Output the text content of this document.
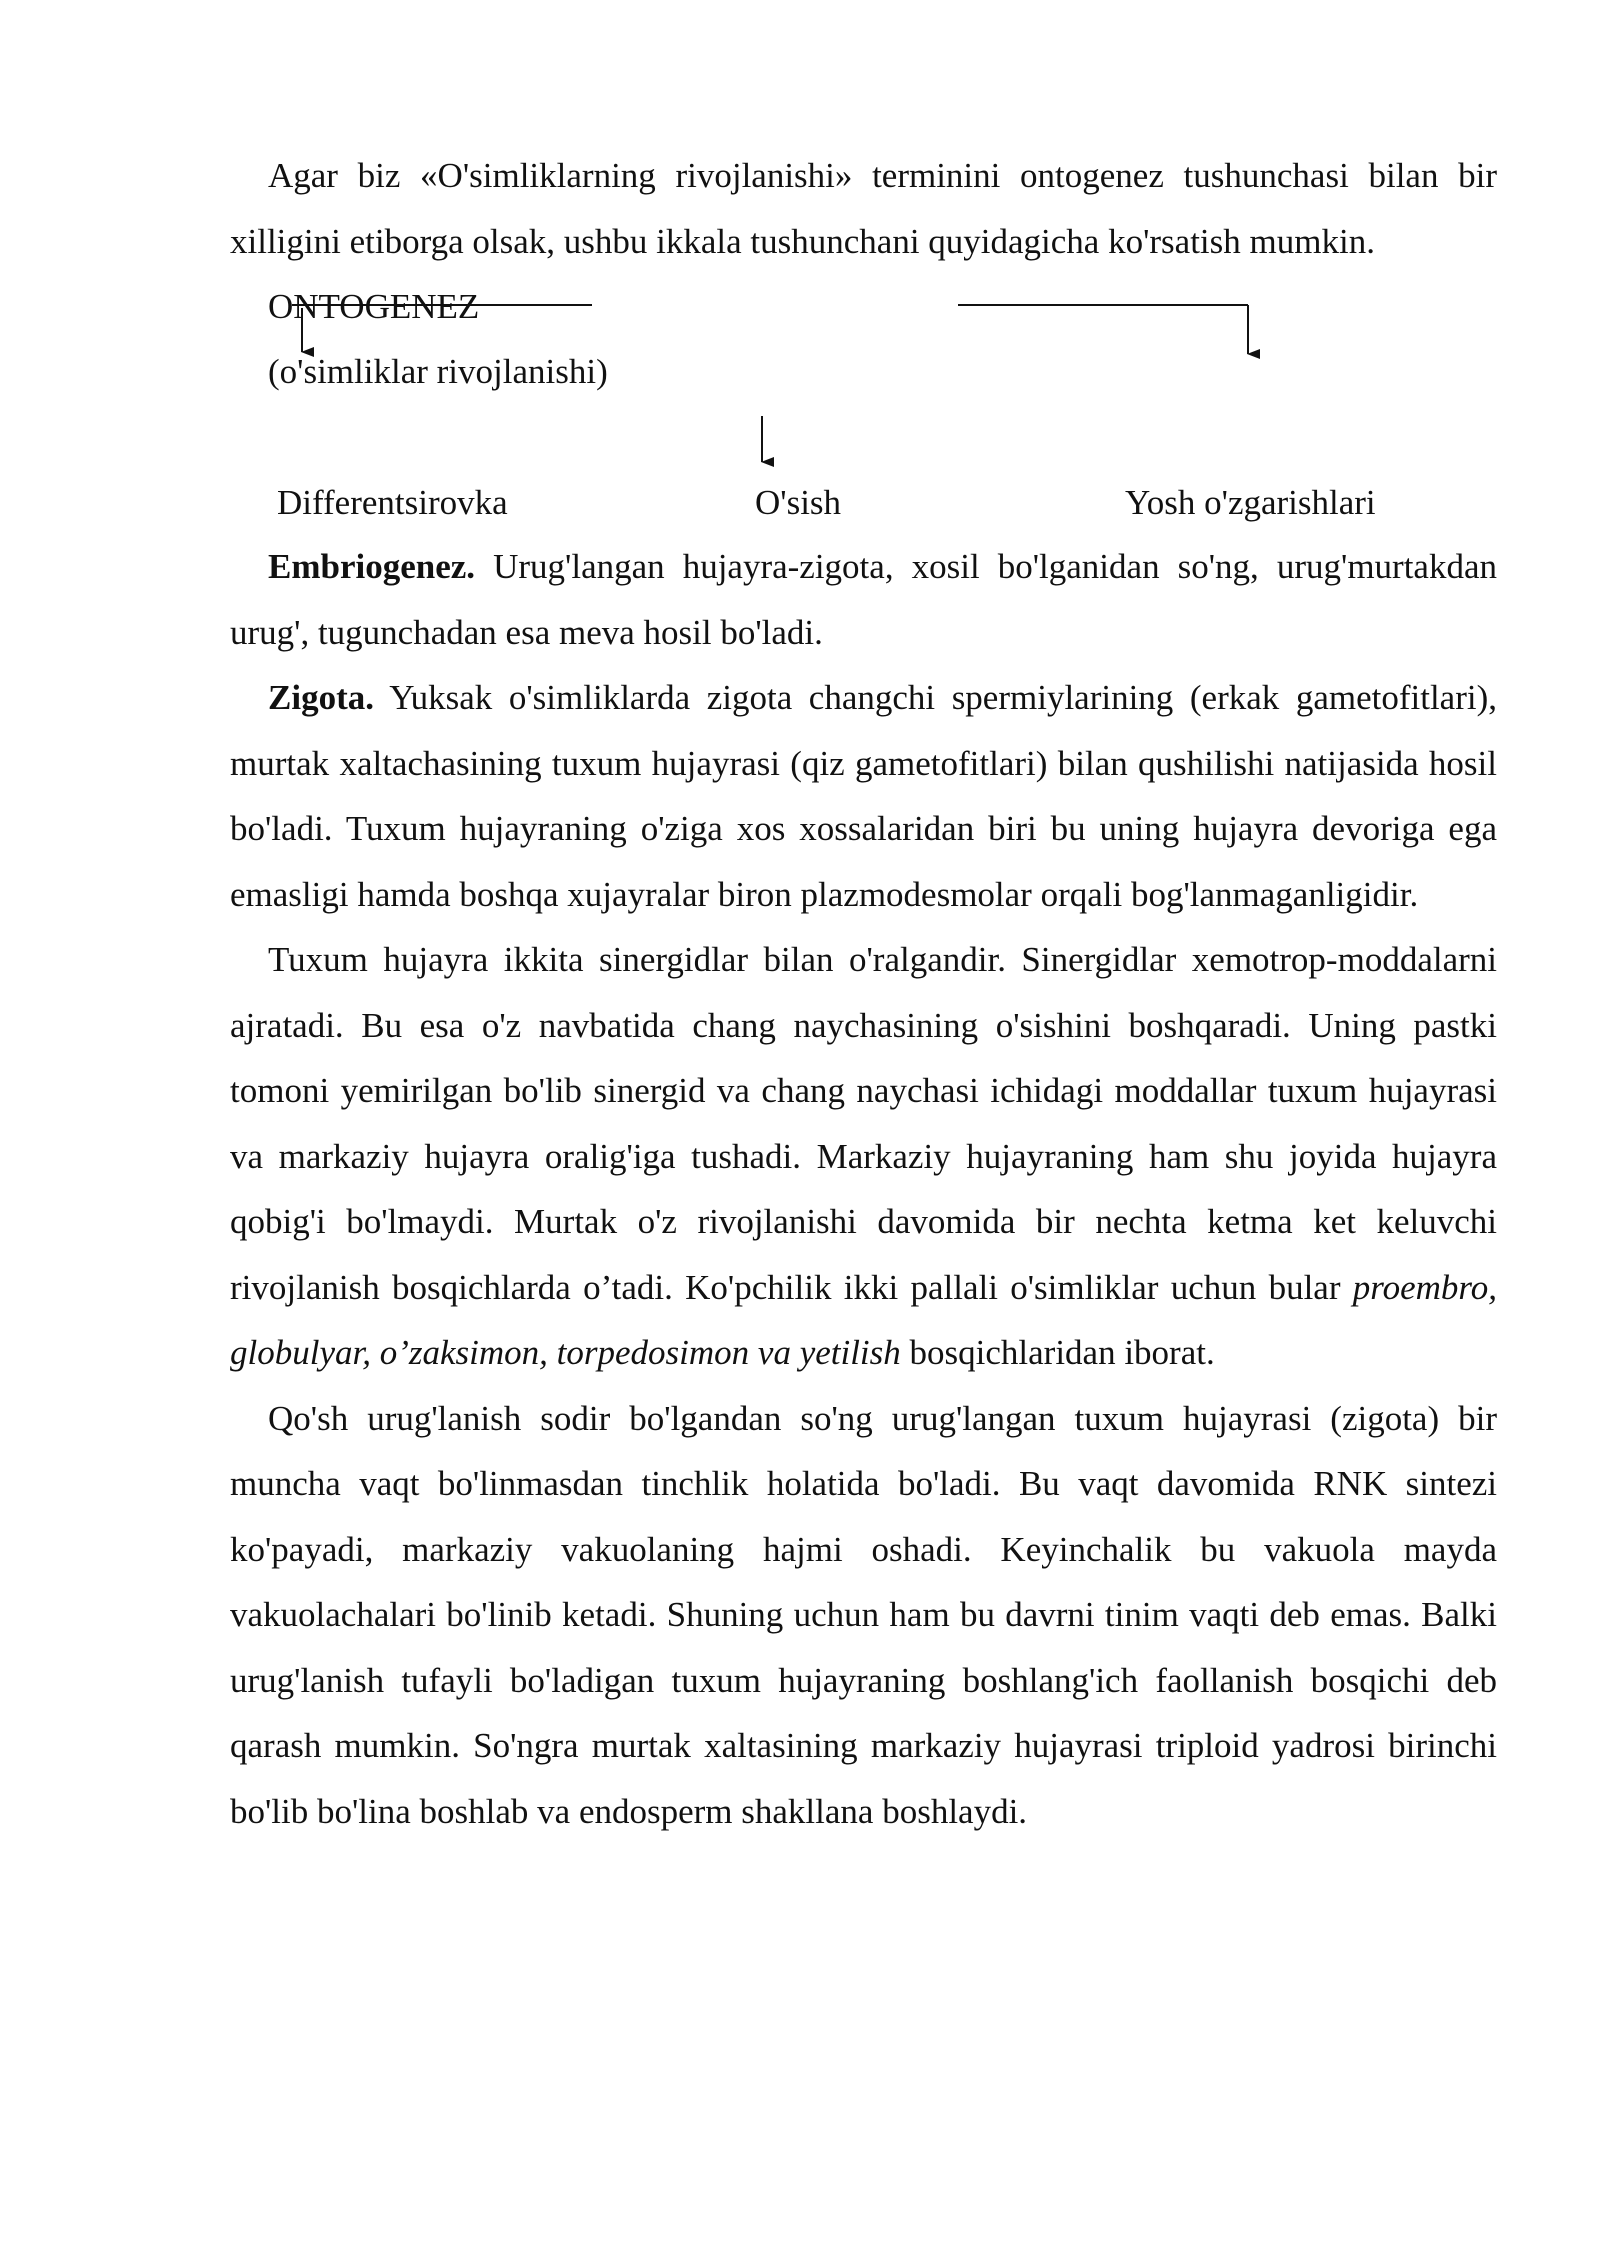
Agar biz «O'simliklarning rivojlanishi» terminini ontogenez tushunchasi bilan bir xilligini etiborga olsak, ushbu ikkala tushunchani quyidagicha ko'rsatish mumkin.

ONTOGENEZ
(o'simliklar rivojlanishi)
Differentsirovka	O'sish	Yosh o'zgarishlari

Embriogenez. Urug'langan hujayra-zigota, xosil bo'lganidan so'ng, urug'murtakdan urug', tugunchadan esa meva hosil bo'ladi.

Zigota. Yuksak o'simliklarda zigota changchi spermiylarining (erkak gametofitlari), murtak xaltachasining tuxum hujayrasi (qiz gametofitlari) bilan qushilishi natijasida hosil bo'ladi. Tuxum hujayraning o'ziga xos xossalaridan biri bu uning hujayra devoriga ega emasligi hamda boshqa xujayralar biron plazmodesmolar orqali bog'lanmaganligidir.

Tuxum hujayra ikkita sinergidlar bilan o'ralgandir. Sinergidlar xemotrop-moddalarni ajratadi. Bu esa o'z navbatida chang naychasining o'sishini boshqaradi. Uning pastki tomoni yemirilgan bo'lib sinergid va chang naychasi ichidagi moddallar tuxum hujayrasi va markaziy hujayra oralig'iga tushadi. Markaziy hujayraning ham shu joyida hujayra qobig'i bo'lmaydi. Murtak o'z rivojlanishi davomida bir nechta ketma ket keluvchi rivojlanish bosqichlarda o’tadi. Ko'pchilik ikki pallali o'simliklar uchun bular proembro, globulyar, o’zaksimon, torpedosimon va yetilish bosqichlaridan iborat.

Qo'sh urug'lanish sodir bo'lgandan so'ng urug'langan tuxum hujayrasi (zigota) bir muncha vaqt bo'linmasdan tinchlik holatida bo'ladi. Bu vaqt davomida RNK sintezi ko'payadi, markaziy vakuolaning hajmi oshadi. Keyinchalik bu vakuola mayda vakuolachalari bo'linib ketadi. Shuning uchun ham bu davrni tinim vaqti deb emas. Balki urug'lanish tufayli bo'ladigan tuxum hujayraning boshlang'ich faollanish bosqichi deb qarash mumkin. So'ngra murtak xaltasining markaziy hujayrasi triploid yadrosi birinchi bo'lib bo'lina boshlab va endosperm shakllana boshlaydi.
